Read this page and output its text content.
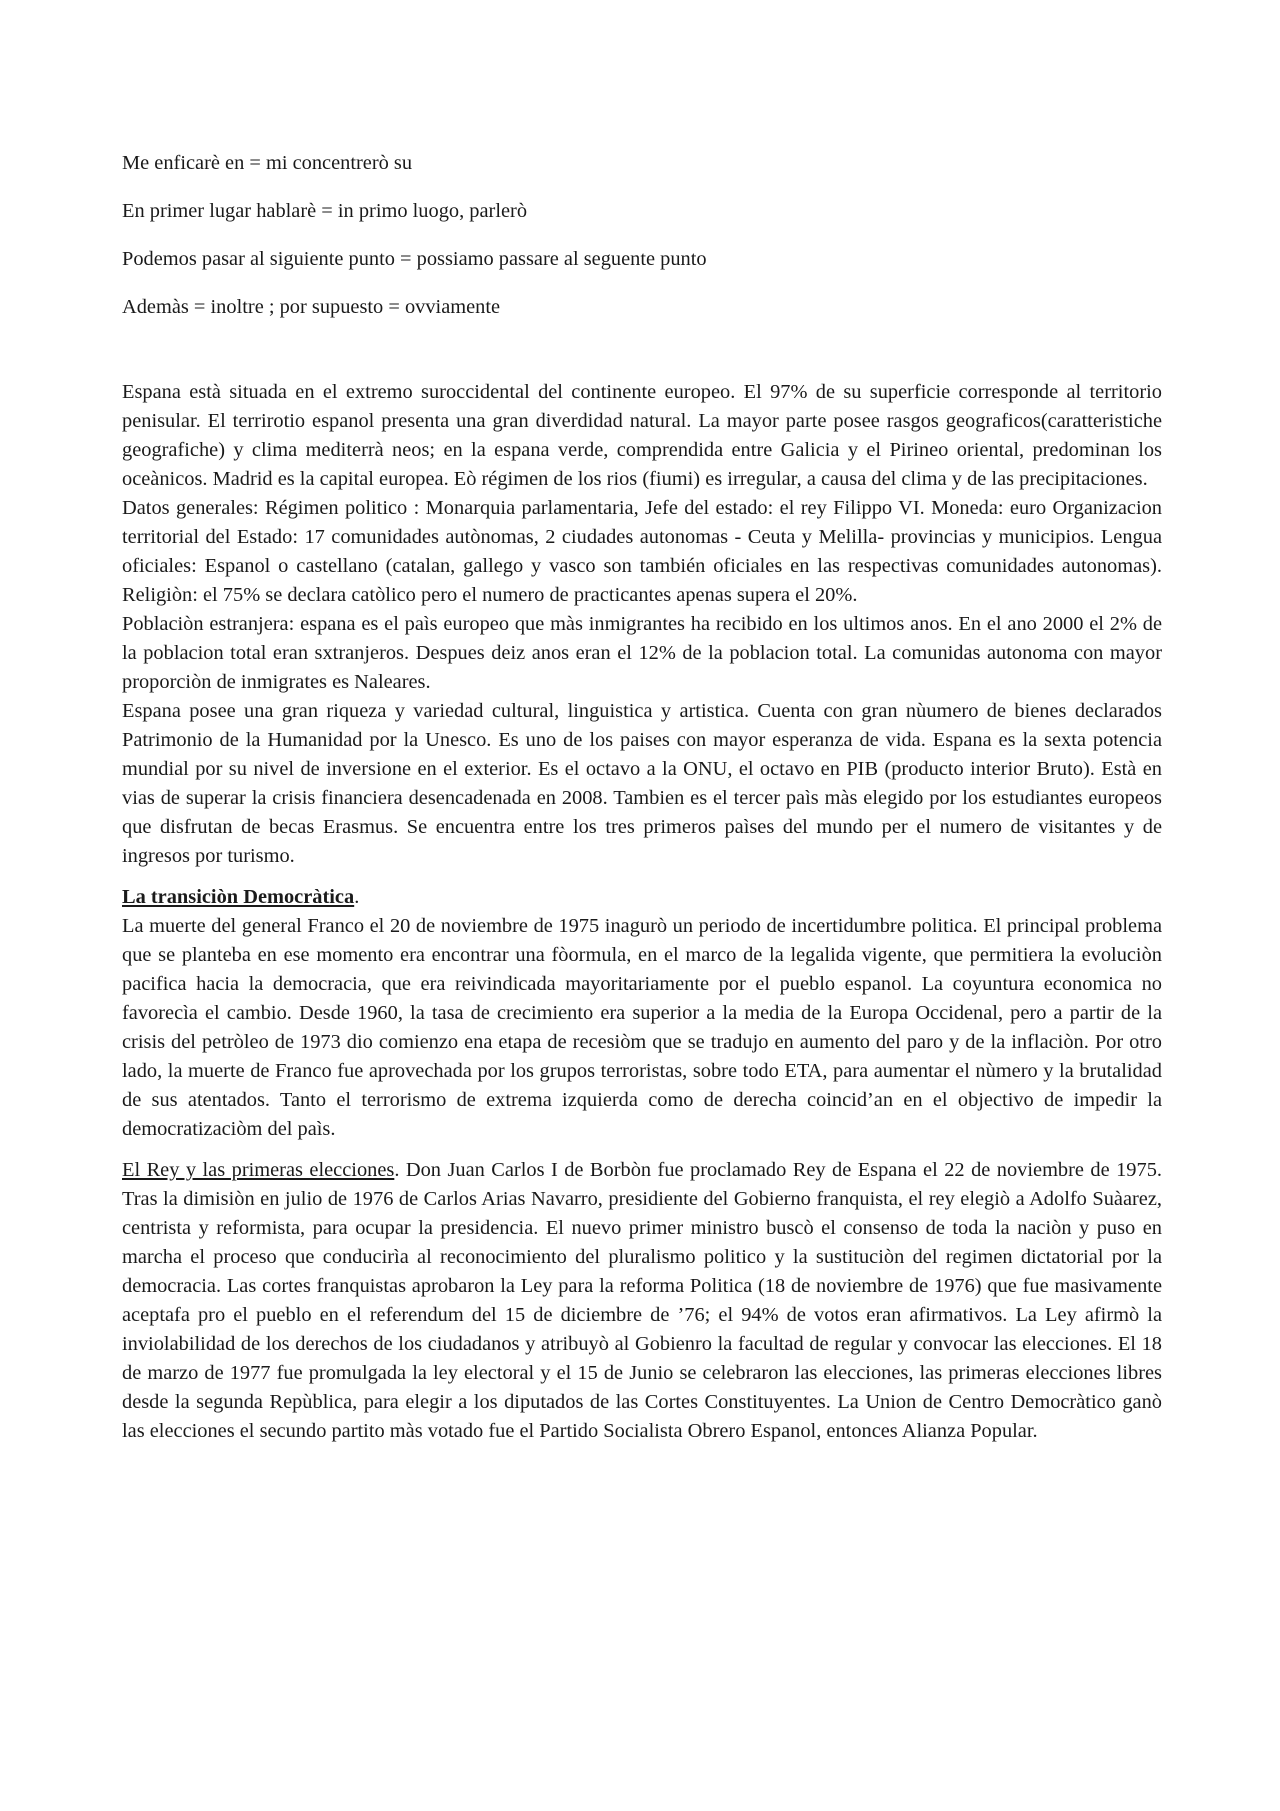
Me enficarè en = mi concentrerò su

En primer lugar hablarè = in primo luogo, parlerò

Podemos pasar al siguiente punto = possiamo passare al seguente punto

Ademàs = inoltre ; por supuesto = ovviamente

Espana està situada en el extremo suroccidental del continente europeo. El 97% de su superficie corresponde al territorio penisular. El terrirotio espanol presenta una gran diverdidad natural. La mayor parte posee rasgos geograficos(caratteristiche geografiche) y clima mediterrà neos; en la espana verde, comprendida entre Galicia y el Pirineo oriental, predominan los oceànicos. Madrid es la capital europea. Eò régimen de los rios (fiumi) es irregular, a causa del clima y de las precipitaciones.

Datos generales: Régimen politico : Monarquia parlamentaria, Jefe del estado: el rey Filippo VI. Moneda: euro Organizacion territorial del Estado: 17 comunidades autònomas, 2 ciudades autonomas - Ceuta y Melilla- provincias y municipios. Lengua oficiales: Espanol o castellano (catalan, gallego y vasco son también oficiales en las respectivas comunidades autonomas). Religiòn: el 75% se declara catòlico pero el numero de practicantes apenas supera el 20%.

Poblaciòn estranjera: espana es el paìs europeo que màs inmigrantes ha recibido en los ultimos anos. En el ano 2000 el 2% de la poblacion total eran sxtranjeros. Despues deiz anos eran el 12% de la poblacion total. La comunidas autonoma con mayor proporciòn de inmigrates es Naleares.

Espana posee una gran riqueza y variedad cultural, linguistica y artistica. Cuenta con gran nùumero de bienes declarados Patrimonio de la Humanidad por la Unesco. Es uno de los paises con mayor esperanza de vida. Espana es la sexta potencia mundial por su nivel de inversione en el exterior. Es el octavo a la ONU, el octavo en PIB (producto interior Bruto). Està en vias de superar la crisis financiera desencadenada en 2008. Tambien es el tercer paìs màs elegido por los estudiantes europeos que disfrutan de becas Erasmus. Se encuentra entre los tres primeros paìses del mundo per el numero de visitantes y de ingresos por turismo.

La transiciòn Democràtica.

La muerte del general Franco el 20 de noviembre de 1975 inagurò un periodo de incertidumbre politica. El principal problema que se planteba en ese momento era encontrar una fòormula, en el marco de la legalida vigente, que permitiera la evoluciòn pacifica hacia la democracia, que era reivindicada mayoritariamente por el pueblo espanol. La coyuntura economica no favorecìa el cambio. Desde 1960, la tasa de crecimiento era superior a la media de la Europa Occidenal, pero a partir de la crisis del petròleo de 1973 dio comienzo ena etapa de recesiòm que se tradujo en aumento del paro y de la inflaciòn. Por otro lado, la muerte de Franco fue aprovechada por los grupos terroristas, sobre todo ETA, para aumentar el nùmero y la brutalidad de sus atentados. Tanto el terrorismo de extrema izquierda como de derecha coincid’an en el objectivo de impedir la democratizaciòm del paìs.

El Rey y las primeras elecciones. Don Juan Carlos I de Borbòn fue proclamado Rey de Espana el 22 de noviembre de 1975. Tras la dimisiòn en julio de 1976 de Carlos Arias Navarro, presidiente del Gobierno franquista, el rey elegiò a Adolfo Suàarez, centrista y reformista, para ocupar la presidencia. El nuevo primer ministro buscò el consenso de toda la naciòn y puso en marcha el proceso que conducirìa al reconocimiento del pluralismo politico y la sustituciòn del regimen dictatorial por la democracia. Las cortes franquistas aprobaron la Ley para la reforma Politica (18 de noviembre de 1976) que fue masivamente aceptafa pro el pueblo en el referendum del 15 de diciembre de ’76; el 94% de votos eran afirmativos. La Ley afirmò la inviolabilidad de los derechos de los ciudadanos y atribuyò al Gobienro la facultad de regular y convocar las elecciones. El 18 de marzo de 1977 fue promulgada la ley electoral y el 15 de Junio se celebraron las elecciones, las primeras elecciones libres desde la segunda Repùblica, para elegir a los diputados de las Cortes Constituyentes. La Union de Centro Democràtico ganò las elecciones el secundo partito màs votado fue el Partido Socialista Obrero Espanol, entonces Alianza Popular.
